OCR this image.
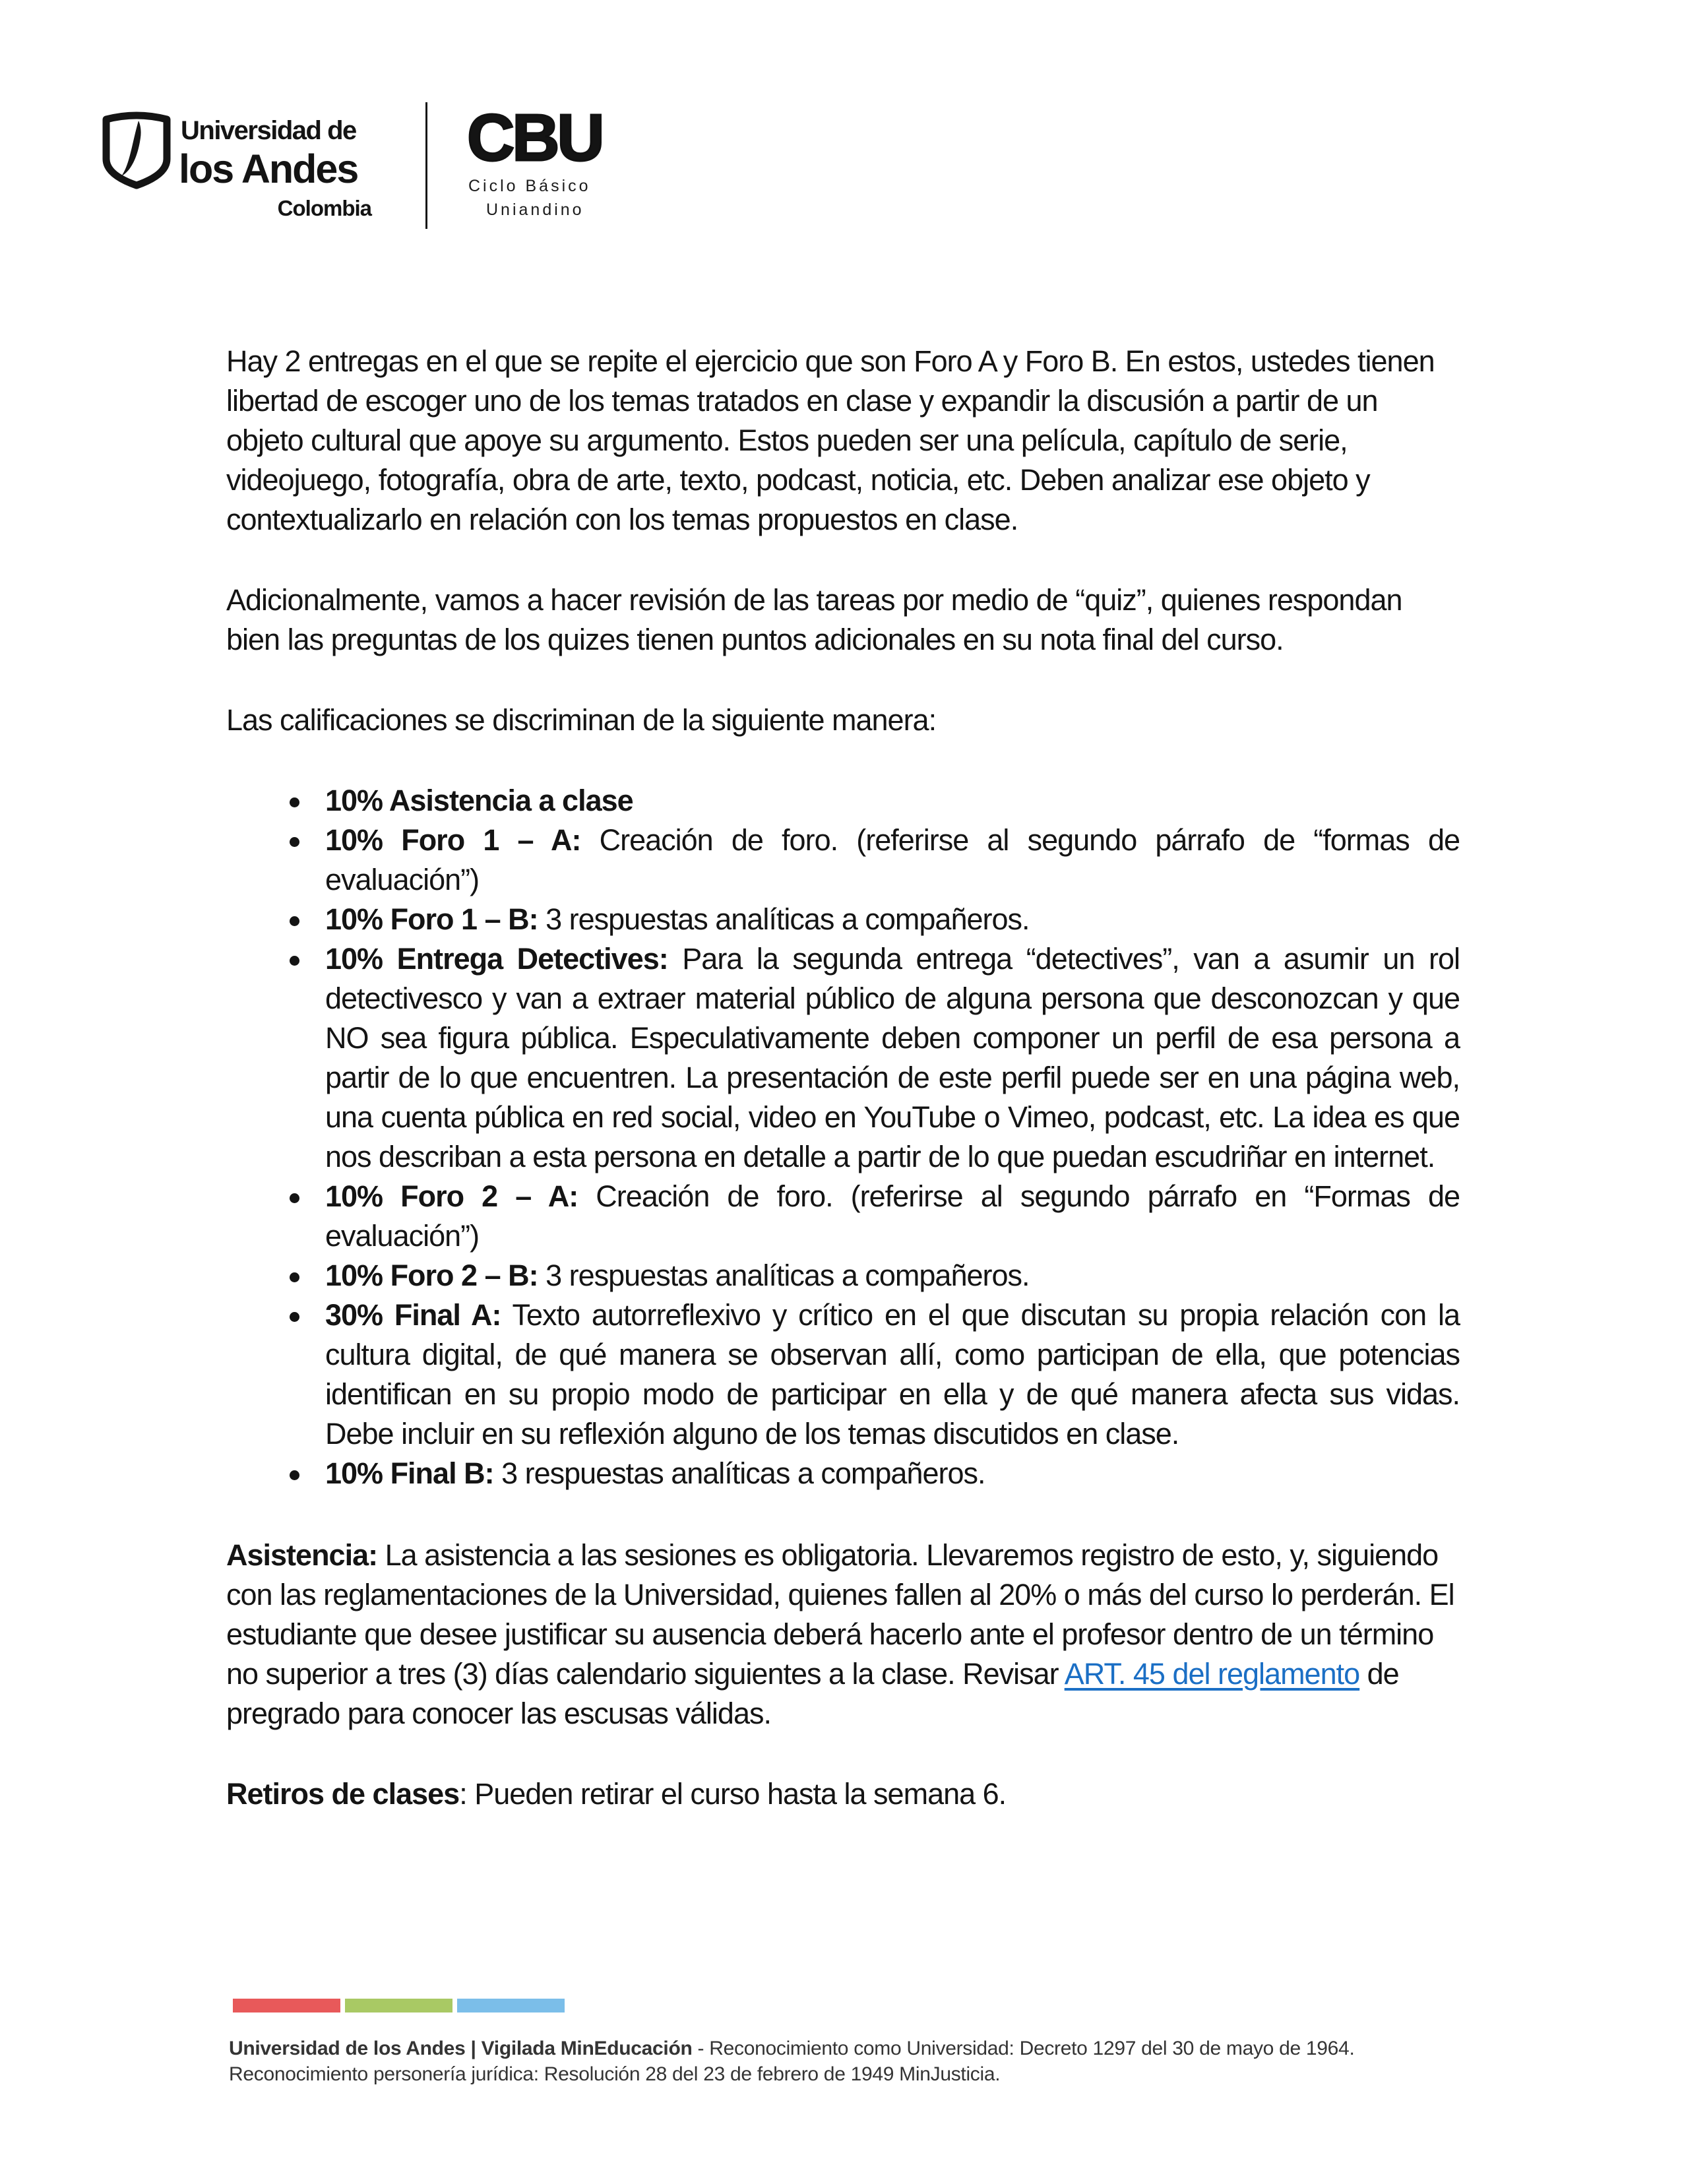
Universidad de
los Andes
Colombia
CBU
Ciclo Básico
Uniandino

Hay 2 entregas en el que se repite el ejercicio que son Foro A y Foro B. En estos, ustedes tienen libertad de escoger uno de los temas tratados en clase y expandir la discusión a partir de un objeto cultural que apoye su argumento. Estos pueden ser una película, capítulo de serie, videojuego, fotografía, obra de arte, texto, podcast, noticia, etc. Deben analizar ese objeto y contextualizarlo en relación con los temas propuestos en clase.

Adicionalmente, vamos a hacer revisión de las tareas por medio de “quiz”, quienes respondan bien las preguntas de los quizes tienen puntos adicionales en su nota final del curso.

Las calificaciones se discriminan de la siguiente manera:

10% Asistencia a clase
10% Foro 1 – A: Creación de foro. (referirse al segundo párrafo de “formas de evaluación”)
10% Foro 1 – B: 3 respuestas analíticas a compañeros.
10% Entrega Detectives: Para la segunda entrega “detectives”, van a asumir un rol detectivesco y van a extraer material público de alguna persona que desconozcan y que NO sea figura pública. Especulativamente deben componer un perfil de esa persona a partir de lo que encuentren. La presentación de este perfil puede ser en una página web, una cuenta pública en red social, video en YouTube o Vimeo, podcast, etc. La idea es que nos describan a esta persona en detalle a partir de lo que puedan escudriñar en internet.
10% Foro 2 – A: Creación de foro. (referirse al segundo párrafo en “Formas de evaluación”)
10% Foro 2 – B: 3 respuestas analíticas a compañeros.
30% Final A: Texto autorreflexivo y crítico en el que discutan su propia relación con la cultura digital, de qué manera se observan allí, como participan de ella, que potencias identifican en su propio modo de participar en ella y de qué manera afecta sus vidas. Debe incluir en su reflexión alguno de los temas discutidos en clase.
10% Final B: 3 respuestas analíticas a compañeros.

Asistencia: La asistencia a las sesiones es obligatoria. Llevaremos registro de esto, y, siguiendo con las reglamentaciones de la Universidad, quienes fallen al 20% o más del curso lo perderán. El estudiante que desee justificar su ausencia deberá hacerlo ante el profesor dentro de un término no superior a tres (3) días calendario siguientes a la clase. Revisar ART. 45 del reglamento de pregrado para conocer las escusas válidas.

Retiros de clases: Pueden retirar el curso hasta la semana 6.

Universidad de los Andes | Vigilada MinEducación - Reconocimiento como Universidad: Decreto 1297 del 30 de mayo de 1964.
Reconocimiento personería jurídica: Resolución 28 del 23 de febrero de 1949 MinJusticia.
